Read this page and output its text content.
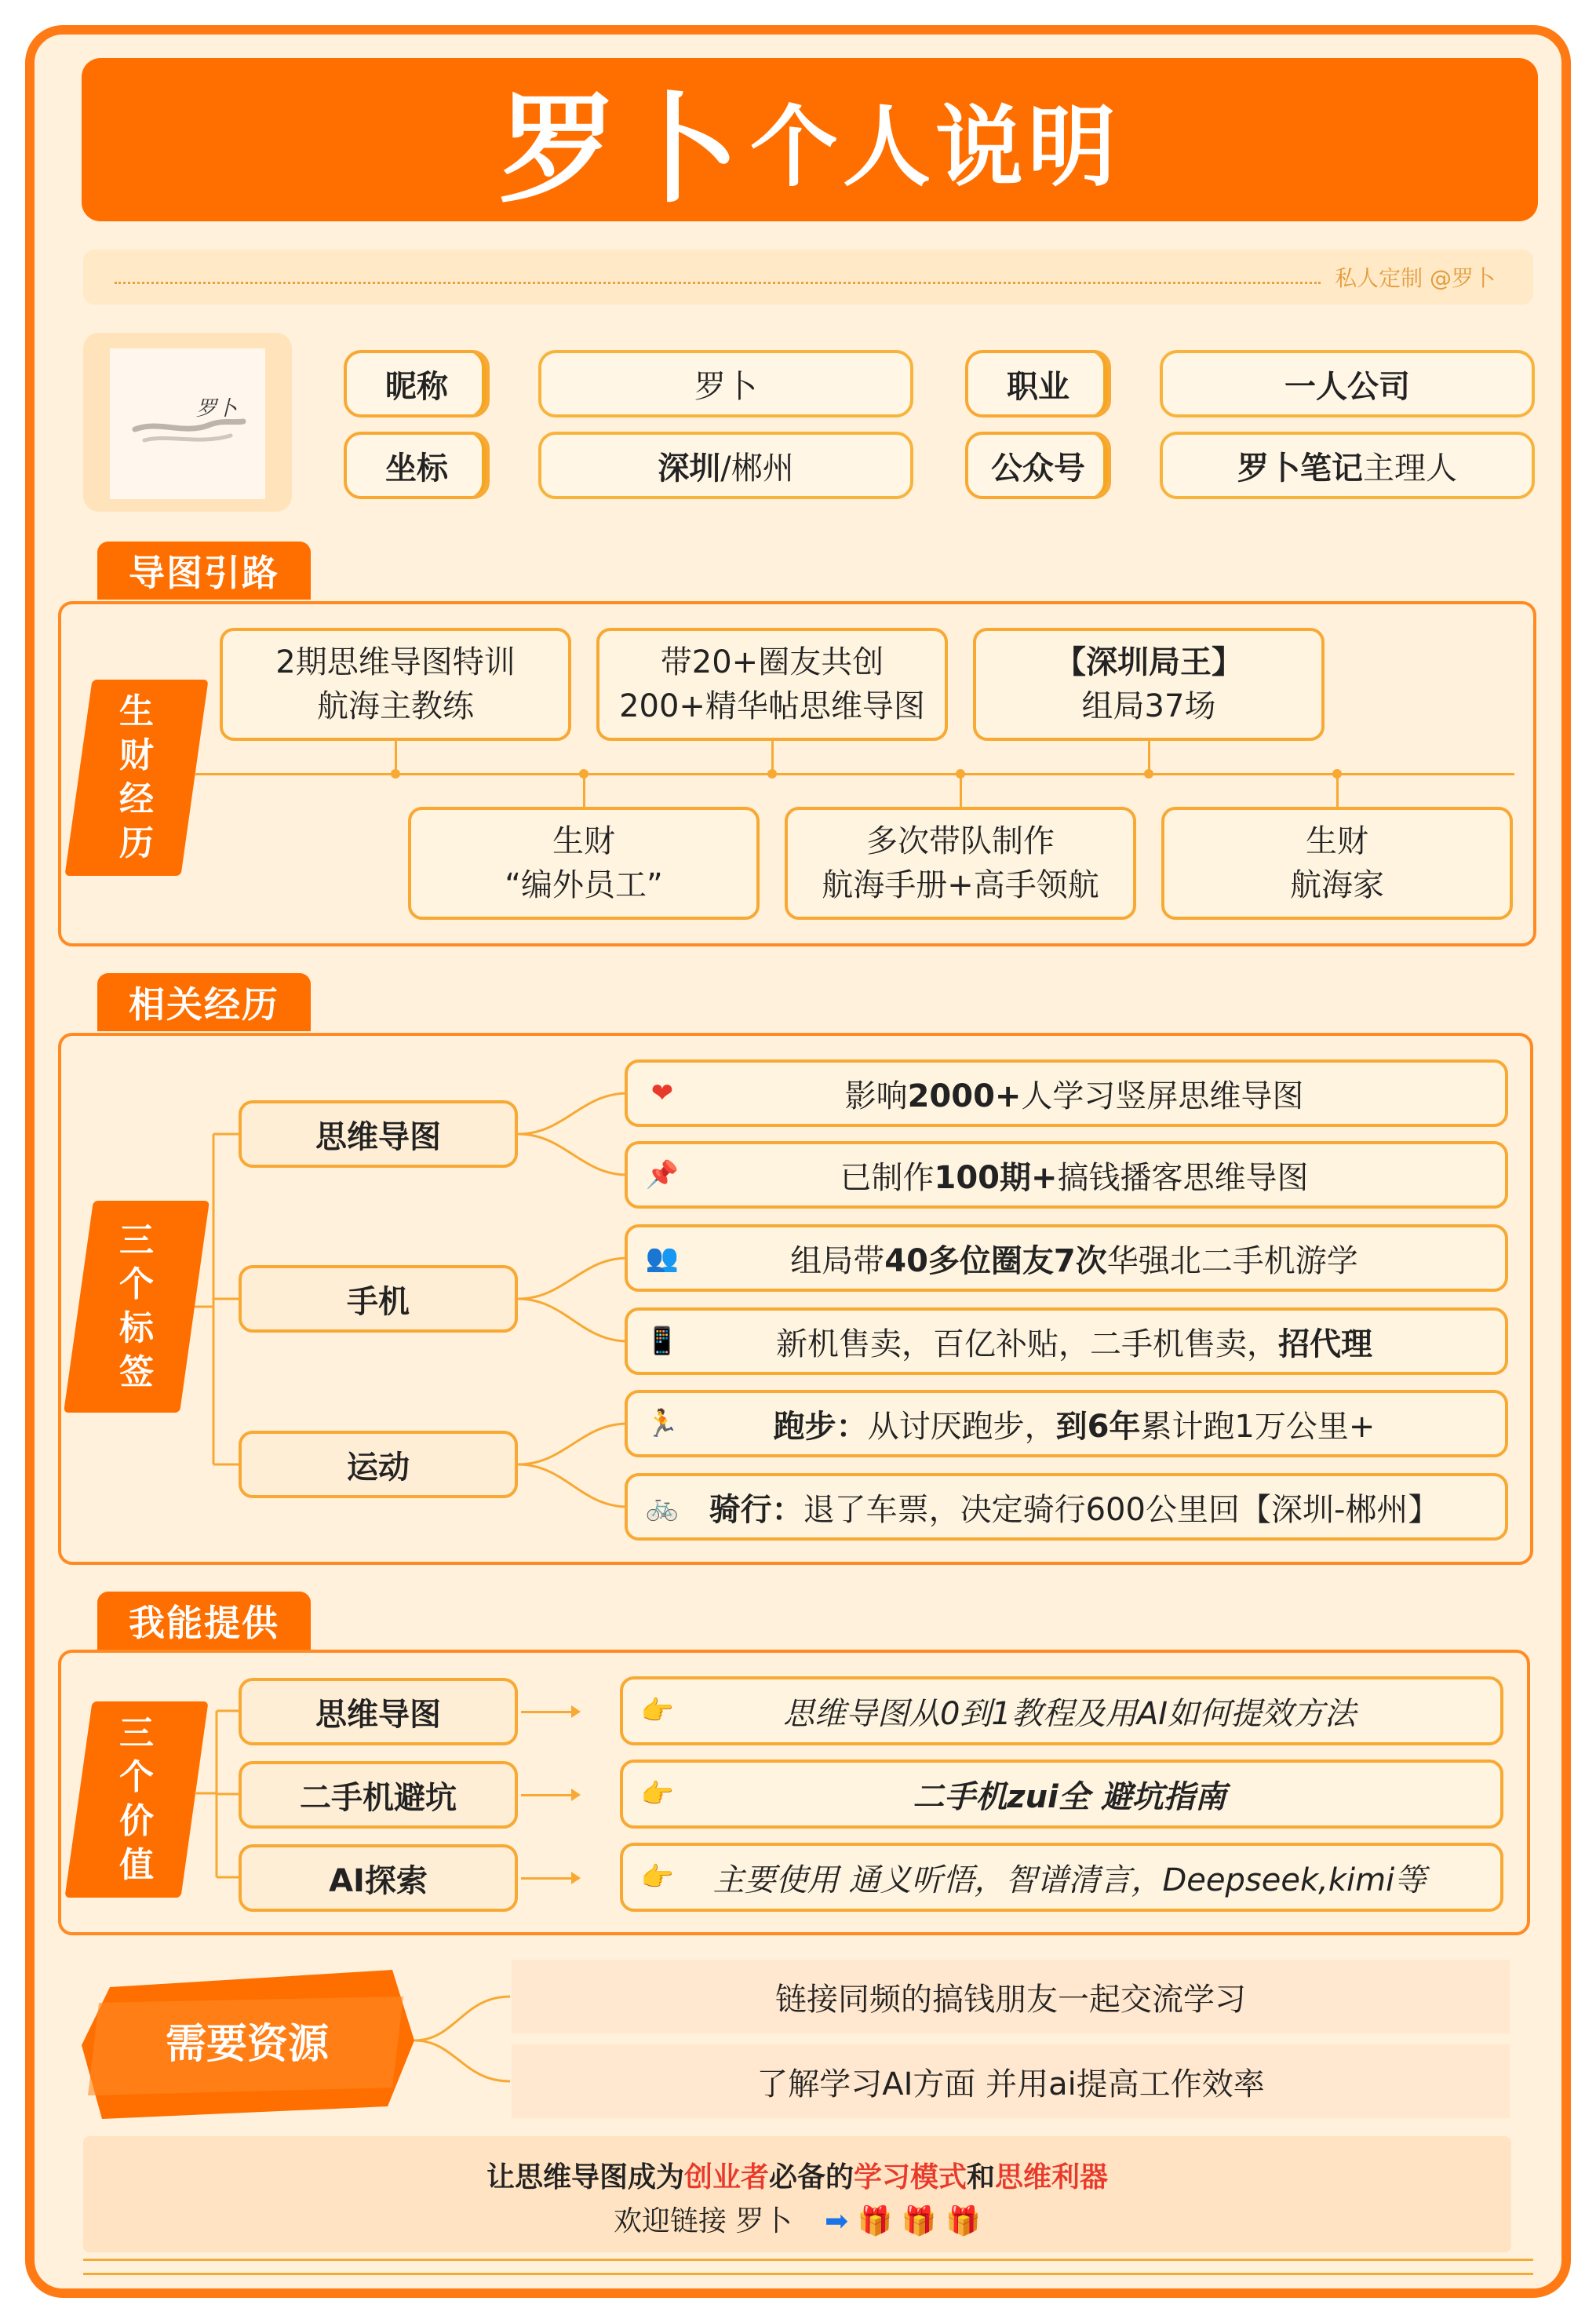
罗卜 个人说明
私人定制 @罗卜
罗卜
昵称	罗卜	职业	一人公司
坐标	深圳 /郴州	公众号	罗卜笔记 主理人
导图引路
生
财
经
历
2期思维导图特训
航海主教练
带20+圈友共创
200+精华帖思维导图
【深圳局王】
组局37场
生财
“编外员工”
多次带队制作
航海手册+高手领航
生财
航海家
相关经历
三
个
标
签
思维导图
手机
运动
❤	影响2000+人学习竖屏思维导图
📌	已制作100期+搞钱播客思维导图
👥	组局带40多位圈友7次华强北二手机游学
📱	新机售卖，百亿补贴，二手机售卖，招代理
🏃	跑步：从讨厌跑步，到6年累计跑1万公里+
🚲 骑行：退了车票，决定骑行600公里回【深圳-郴州】
我能提供
三
个
价
值
思维导图
二手机避坑
AI探索
👉	思维导图从0到1教程及用AI如何提效方法
👉	二手机zui全 避坑指南
👉	主要使用 通义听悟，智谱清言，Deepseek,kimi等
需要资源
链接同频的搞钱朋友一起交流学习
了解学习AI方面 并用ai提高工作效率
让思维导图成为创业者必备的学习模式和思维利器
欢迎链接 罗卜 ➡ 🎁 🎁 🎁
